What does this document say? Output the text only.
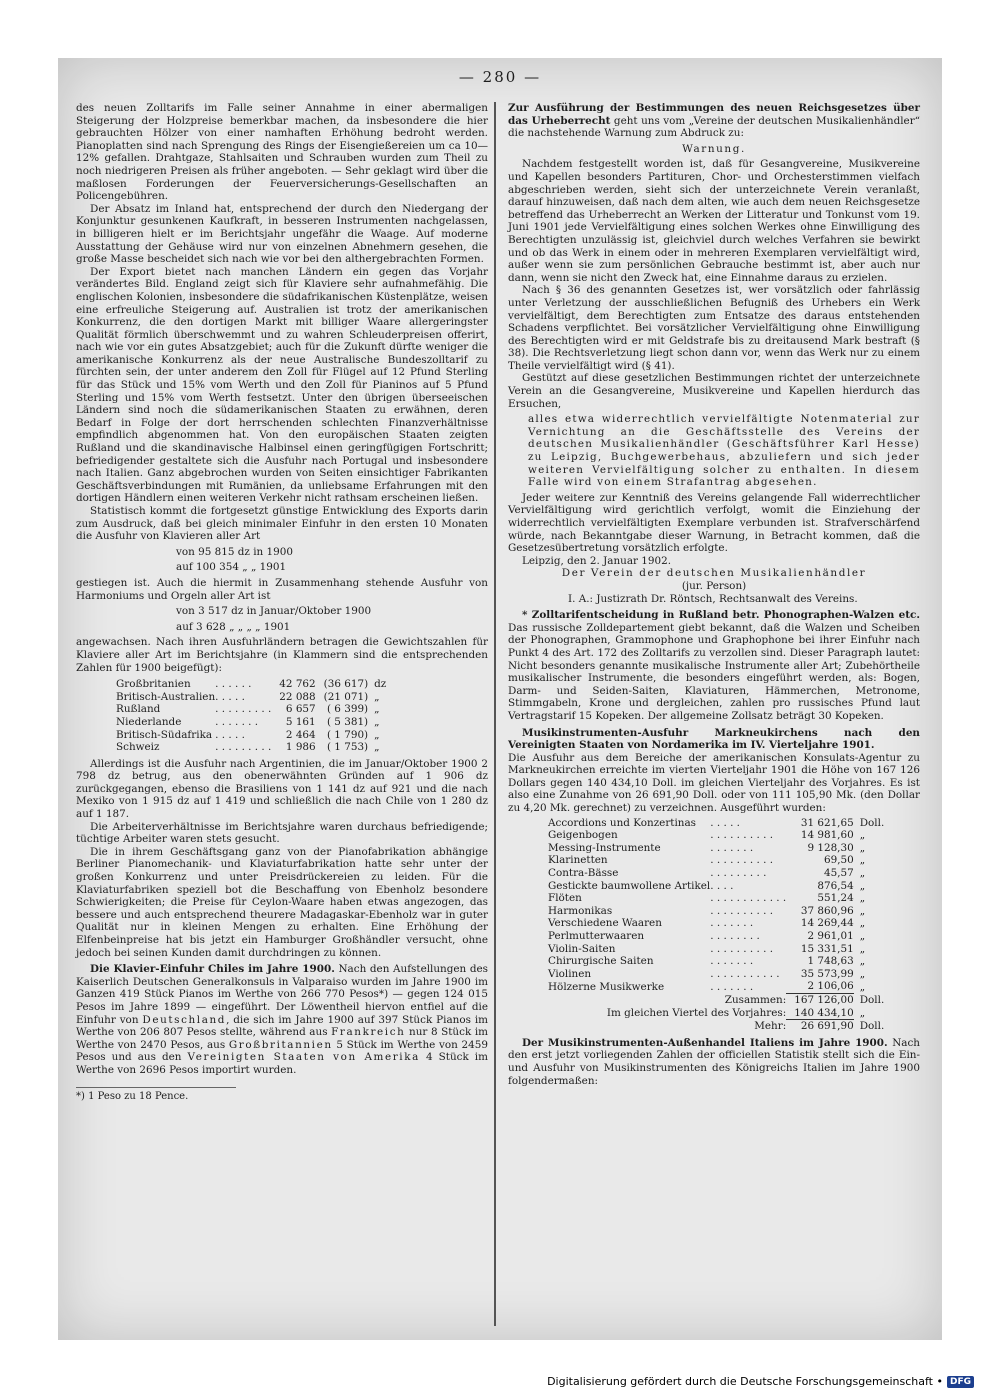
— 280 —

des neuen Zolltarifs im Falle seiner Annahme in einer abermaligen Steigerung der Holzpreise bemerkbar machen, da insbesondere die hier gebrauchten Hölzer von einer namhaften Erhöhung bedroht werden. Pianoplatten sind nach Sprengung des Rings der Eisengießereien um ca 10—12% gefallen. Drahtgaze, Stahlsaiten und Schrauben wurden zum Theil zu noch niedrigeren Preisen als früher angeboten. — Sehr geklagt wird über die maßlosen Forderungen der Feuerversicherungs-Gesellschaften an Policengebühren.

Der Absatz im Inland hat, entsprechend der durch den Niedergang der Konjunktur gesunkenen Kaufkraft, in besseren Instrumenten nachgelassen, in billigeren hielt er im Berichtsjahr ungefähr die Waage. Auf moderne Ausstattung der Gehäuse wird nur von einzelnen Abnehmern gesehen, die große Masse bescheidet sich nach wie vor bei den althergebrachten Formen.

Der Export bietet nach manchen Ländern ein gegen das Vorjahr verändertes Bild. England zeigt sich für Klaviere sehr aufnahmefähig. Die englischen Kolonien, insbesondere die südafrikanischen Küstenplätze, weisen eine erfreuliche Steigerung auf. Australien ist trotz der amerikanischen Konkurrenz, die den dortigen Markt mit billiger Waare allergeringster Qualität förmlich überschwemmt und zu wahren Schleuderpreisen offerirt, nach wie vor ein gutes Absatzgebiet; auch für die Zukunft dürfte weniger die amerikanische Konkurrenz als der neue Australische Bundeszolltarif zu fürchten sein, der unter anderem den Zoll für Flügel auf 12 Pfund Sterling für das Stück und 15% vom Werth und den Zoll für Pianinos auf 5 Pfund Sterling und 15% vom Werth festsetzt. Unter den übrigen überseeischen Ländern sind noch die südamerikanischen Staaten zu erwähnen, deren Bedarf in Folge der dort herrschenden schlechten Finanzverhältnisse empfindlich abgenommen hat. Von den europäischen Staaten zeigten Rußland und die skandinavische Halbinsel einen geringfügigen Fortschritt; befriedigender gestaltete sich die Ausfuhr nach Portugal und insbesondere nach Italien. Ganz abgebrochen wurden von Seiten einsichtiger Fabrikanten Geschäftsverbindungen mit Rumänien, da unliebsame Erfahrungen mit den dortigen Händlern einen weiteren Verkehr nicht rathsam erscheinen ließen.

Statistisch kommt die fortgesetzt günstige Entwicklung des Exports darin zum Ausdruck, daß bei gleich minimaler Einfuhr in den ersten 10 Monaten die Ausfuhr von Klavieren aller Art

von 95 815 dz in 1900

auf 100 354 „ „ 1901

gestiegen ist. Auch die hiermit in Zusammenhang stehende Ausfuhr von Harmoniums und Orgeln aller Art ist

von 3 517 dz in Januar/Oktober 1900

auf 3 628 „ „ „ „ 1901

angewachsen. Nach ihren Ausfuhrländern betragen die Gewichtszahlen für Klaviere aller Art im Berichtsjahre (in Klammern sind die entsprechenden Zahlen für 1900 beigefügt):

Großbritanien	. . . . . .	42 762	(36 617)	dz
Britisch-Australien	. . . . .	22 088	(21 071)	„
Rußland	. . . . . . . . .	6 657	( 6 399)	„
Niederlande	. . . . . . .	5 161	( 5 381)	„
Britisch-Südafrika	. . . . .	2 464	( 1 790)	„
Schweiz	. . . . . . . . .	1 986	( 1 753)	„

Allerdings ist die Ausfuhr nach Argentinien, die im Januar/Oktober 1900 2 798 dz betrug, aus den obenerwähnten Gründen auf 1 906 dz zurückgegangen, ebenso die Brasiliens von 1 141 dz auf 921 und die nach Mexiko von 1 915 dz auf 1 419 und schließlich die nach Chile von 1 280 dz auf 1 187.

Die Arbeiterverhältnisse im Berichtsjahre waren durchaus befriedigende; tüchtige Arbeiter waren stets gesucht.

Die in ihrem Geschäftsgang ganz von der Pianofabrikation abhängige Berliner Pianomechanik- und Klaviaturfabrikation hatte sehr unter der großen Konkurrenz und unter Preisdrückereien zu leiden. Für die Klaviaturfabriken speziell bot die Beschaffung von Ebenholz besondere Schwierigkeiten; die Preise für Ceylon-Waare haben etwas angezogen, das bessere und auch entsprechend theurere Madagaskar-Ebenholz war in guter Qualität nur in kleinen Mengen zu erhalten. Eine Erhöhung der Elfenbeinpreise hat bis jetzt ein Hamburger Großhändler versucht, ohne jedoch bei seinen Kunden damit durchdringen zu können.

Die Klavier-Einfuhr Chiles im Jahre 1900. Nach den Aufstellungen des Kaiserlich Deutschen Generalkonsuls in Valparaiso wurden im Jahre 1900 im Ganzen 419 Stück Pianos im Werthe von 266 770 Pesos*) — gegen 124 015 Pesos im Jahre 1899 — eingeführt. Der Löwentheil hiervon entfiel auf die Einfuhr von Deutschland, die sich im Jahre 1900 auf 397 Stück Pianos im Werthe von 206 807 Pesos stellte, während aus Frankreich nur 8 Stück im Werthe von 2470 Pesos, aus Großbritannien 5 Stück im Werthe von 2459 Pesos und aus den Vereinigten Staaten von Amerika 4 Stück im Werthe von 2696 Pesos importirt wurden.

*) 1 Peso zu 18 Pence.

Zur Ausführung der Bestimmungen des neuen Reichsgesetzes über das Urheberrecht geht uns vom „Vereine der deutschen Musikalienhändler“ die nachstehende Warnung zum Abdruck zu:

Warnung.

Nachdem festgestellt worden ist, daß für Gesangvereine, Musikvereine und Kapellen besonders Partituren, Chor- und Orchesterstimmen vielfach abgeschrieben werden, sieht sich der unterzeichnete Verein veranlaßt, darauf hinzuweisen, daß nach dem alten, wie auch dem neuen Reichsgesetze betreffend das Urheberrecht an Werken der Litteratur und Tonkunst vom 19. Juni 1901 jede Vervielfältigung eines solchen Werkes ohne Einwilligung des Berechtigten unzulässig ist, gleichviel durch welches Verfahren sie bewirkt und ob das Werk in einem oder in mehreren Exemplaren vervielfältigt wird, außer wenn sie zum persönlichen Gebrauche bestimmt ist, aber auch nur dann, wenn sie nicht den Zweck hat, eine Einnahme daraus zu erzielen.

Nach § 36 des genannten Gesetzes ist, wer vorsätzlich oder fahrlässig unter Verletzung der ausschließlichen Befugniß des Urhebers ein Werk vervielfältigt, dem Berechtigten zum Entsatze des daraus entstehenden Schadens verpflichtet. Bei vorsätzlicher Vervielfältigung ohne Einwilligung des Berechtigten wird er mit Geldstrafe bis zu dreitausend Mark bestraft (§ 38). Die Rechtsverletzung liegt schon dann vor, wenn das Werk nur zu einem Theile vervielfältigt wird (§ 41).

Gestützt auf diese gesetzlichen Bestimmungen richtet der unterzeichnete Verein an die Gesangvereine, Musikvereine und Kapellen hierdurch das Ersuchen,

alles etwa widerrechtlich vervielfältigte Notenmaterial zur Vernichtung an die Geschäftsstelle des Vereins der deutschen Musikalienhändler (Geschäftsführer Karl Hesse) zu Leipzig, Buchgewerbehaus, abzuliefern und sich jeder weiteren Vervielfältigung solcher zu enthalten. In diesem Falle wird von einem Strafantrag abgesehen.

Jeder weitere zur Kenntniß des Vereins gelangende Fall widerrechtlicher Vervielfältigung wird gerichtlich verfolgt, womit die Einziehung der widerrechtlich vervielfältigten Exemplare verbunden ist. Strafverschärfend würde, nach Bekanntgabe dieser Warnung, in Betracht kommen, daß die Gesetzesübertretung vorsätzlich erfolgte.

Leipzig, den 2. Januar 1902.

Der Verein der deutschen Musikalienhändler

(jur. Person)

I. A.: Justizrath Dr. Röntsch, Rechtsanwalt des Vereins.

* Zolltarifentscheidung in Rußland betr. Phonographen-Walzen etc. Das russische Zolldepartement giebt bekannt, daß die Walzen und Scheiben der Phonographen, Grammophone und Graphophone bei ihrer Einfuhr nach Punkt 4 des Art. 172 des Zolltarifs zu verzollen sind. Dieser Paragraph lautet: Nicht besonders genannte musikalische Instrumente aller Art; Zubehörtheile musikalischer Instrumente, die besonders eingeführt werden, als: Bogen, Darm- und Seiden-Saiten, Klaviaturen, Hämmerchen, Metronome, Stimmgabeln, Krone und dergleichen, zahlen pro russisches Pfund laut Vertragstarif 15 Kopeken. Der allgemeine Zollsatz beträgt 30 Kopeken.

Musikinstrumenten-Ausfuhr Markneukirchens nach den Vereinigten Staaten von Nordamerika im IV. Vierteljahre 1901.

Die Ausfuhr aus dem Bereiche der amerikanischen Konsulats-Agentur zu Markneukirchen erreichte im vierten Vierteljahr 1901 die Höhe von 167 126 Dollars gegen 140 434,10 Doll. im gleichen Vierteljahr des Vorjahres. Es ist also eine Zunahme von 26 691,90 Doll. oder von 111 105,90 Mk. (den Dollar zu 4,20 Mk. gerechnet) zu verzeichnen. Ausgeführt wurden:

Accordions und Konzertinas	. . . . .	31 621,65	Doll.
Geigenbogen	. . . . . . . . . .	14 981,60	„
Messing-Instrumente	. . . . . . .	9 128,30	„
Klarinetten	. . . . . . . . . .	69,50	„
Contra-Bässe	. . . . . . . . .	45,57	„
Gestickte baumwollene Artikel	. . . .	876,54	„
Flöten	. . . . . . . . . . . .	551,24	„
Harmonikas	. . . . . . . . . .	37 860,96	„
Verschiedene Waaren	. . . . . . .	14 269,44	„
Perlmutterwaaren	. . . . . . . .	2 961,01	„
Violin-Saiten	. . . . . . . . . .	15 331,51	„
Chirurgische Saiten	. . . . . . .	1 748,63	„
Violinen	. . . . . . . . . . .	35 573,99	„
Hölzerne Musikwerke	. . . . . . .	2 106,06	„
Zusammen:		167 126,00	Doll.
Im gleichen Viertel des Vorjahres:		140 434,10	„
Mehr:		26 691,90	Doll.

Der Musikinstrumenten-Außenhandel Italiens im Jahre 1900. Nach den erst jetzt vorliegenden Zahlen der officiellen Statistik stellt sich die Ein- und Ausfuhr von Musikinstrumenten des Königreichs Italien im Jahre 1900 folgendermaßen:

Digitalisierung gefördert durch die Deutsche Forschungsgemeinschaft • DFG
